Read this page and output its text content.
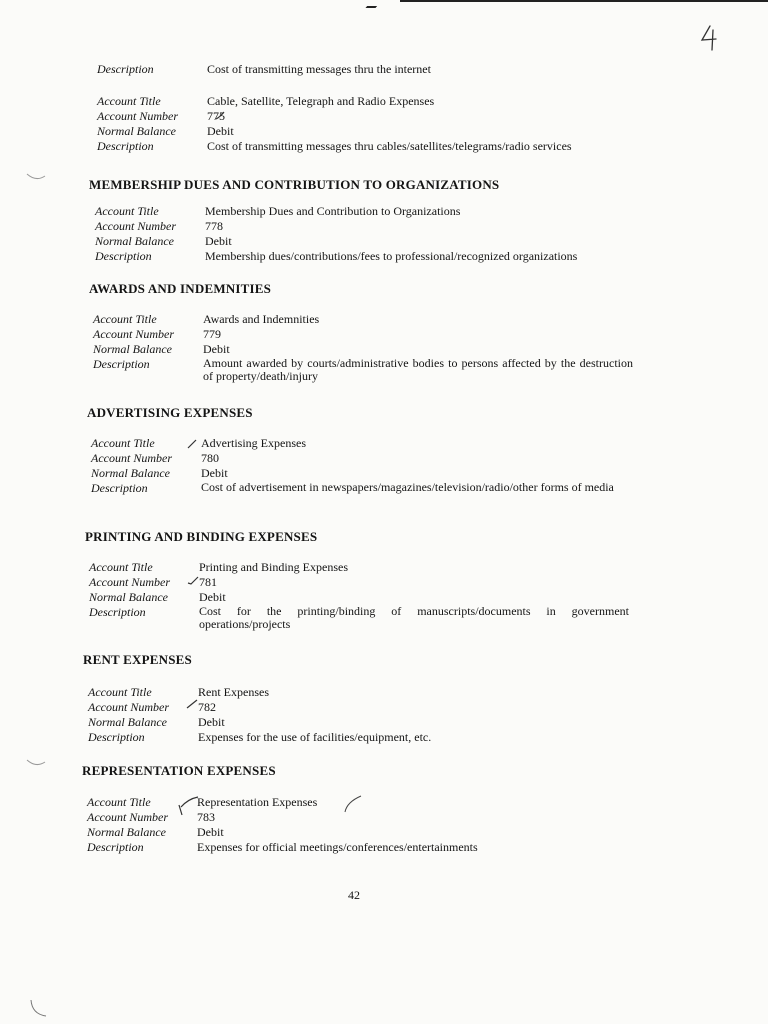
Description	Cost of transmitting messages thru the internet
Account Title	Cable, Satellite, Telegraph and Radio Expenses
Account Number	775
Normal Balance	Debit
Description	Cost of transmitting messages thru cables/satellites/telegrams/radio services
MEMBERSHIP DUES AND CONTRIBUTION TO ORGANIZATIONS
Account Title	Membership Dues and Contribution to Organizations
Account Number	778
Normal Balance	Debit
Description	Membership dues/contributions/fees to professional/recognized organizations
AWARDS AND INDEMNITIES
Account Title	Awards and Indemnities
Account Number	779
Normal Balance	Debit
Description	Amount awarded by courts/administrative bodies to persons affected by the destruction of property/death/injury
ADVERTISING EXPENSES
Account Title	Advertising Expenses
Account Number	780
Normal Balance	Debit
Description	Cost of advertisement in newspapers/magazines/television/radio/other forms of media
PRINTING AND BINDING EXPENSES
Account Title	Printing and Binding Expenses
Account Number	781
Normal Balance	Debit
Description	Cost for the printing/binding of manuscripts/documents in government operations/projects
RENT EXPENSES
Account Title	Rent Expenses
Account Number	782
Normal Balance	Debit
Description	Expenses for the use of facilities/equipment, etc.
REPRESENTATION EXPENSES
Account Title	Representation Expenses
Account Number	783
Normal Balance	Debit
Description	Expenses for official meetings/conferences/entertainments
42
